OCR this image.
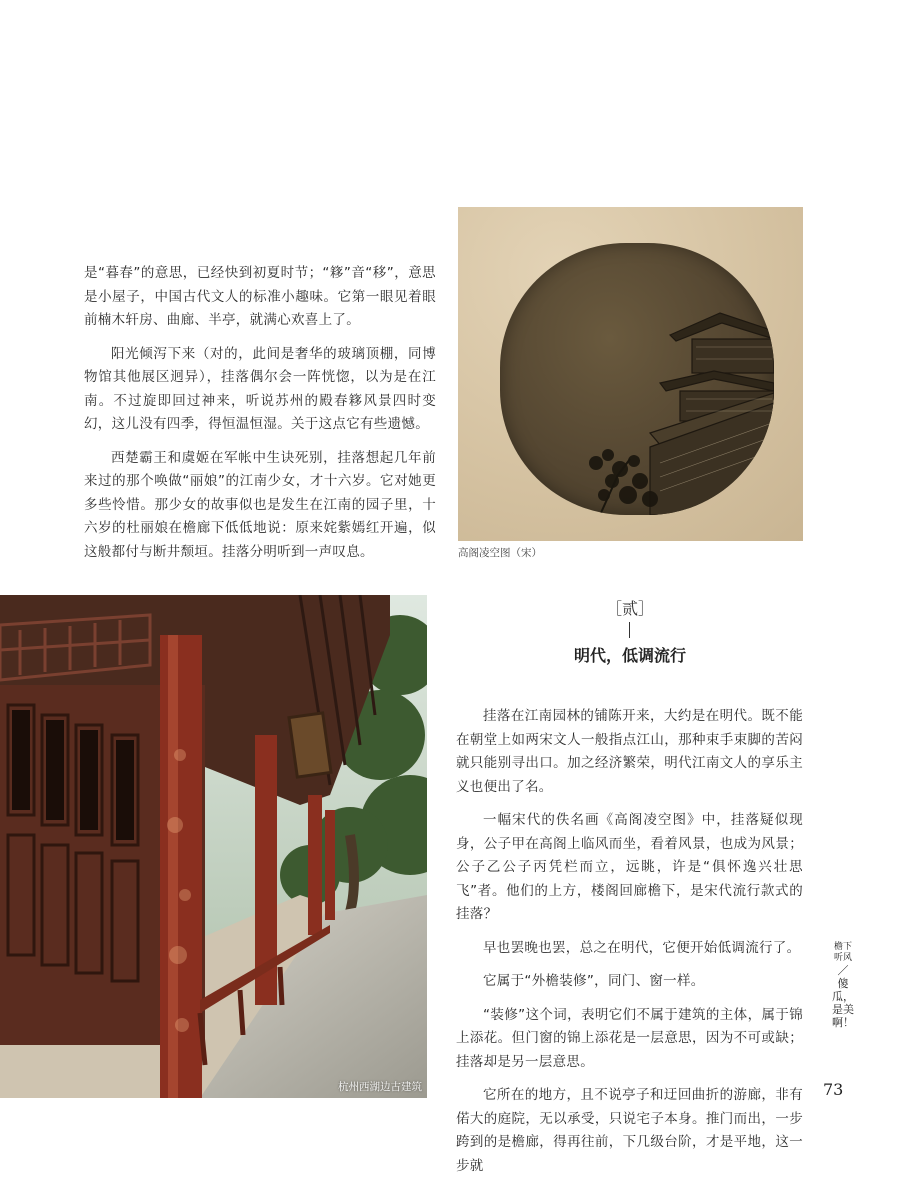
是“暮春”的意思，已经快到初夏时节；“簃”音“移”，意思是小屋子，中国古代文人的标准小趣味。它第一眼见着眼前楠木轩房、曲廊、半亭，就满心欢喜上了。

阳光倾泻下来（对的，此间是奢华的玻璃顶棚，同博物馆其他展区迥异），挂落偶尔会一阵恍惚，以为是在江南。不过旋即回过神来，听说苏州的殿春簃风景四时变幻，这儿没有四季，得恒温恒湿。关于这点它有些遗憾。

西楚霸王和虞姬在军帐中生诀死别，挂落想起几年前来过的那个唤做“丽娘”的江南少女，才十六岁。它对她更多些怜惜。那少女的故事似也是发生在江南的园子里，十六岁的杜丽娘在檐廊下低低地说：原来姹紫嫣红开遍，似这般都付与断井颓垣。挂落分明听到一声叹息。	高阁凌空图（宋）
杭州西湖边古建筑
［贰］
明代，低调流行

挂落在江南园林的铺陈开来，大约是在明代。既不能在朝堂上如两宋文人一般指点江山，那种束手束脚的苦闷就只能别寻出口。加之经济繁荣，明代江南文人的享乐主义也便出了名。

一幅宋代的佚名画《高阁凌空图》中，挂落疑似现身，公子甲在高阁上临风而坐，看着风景，也成为风景；公子乙公子丙凭栏而立，远眺，许是“俱怀逸兴壮思飞”者。他们的上方，楼阁回廊檐下，是宋代流行款式的挂落？

早也罢晚也罢，总之在明代，它便开始低调流行了。

它属于“外檐装修”，同门、窗一样。

“装修”这个词，表明它们不属于建筑的主体，属于锦上添花。但门窗的锦上添花是一层意思，因为不可或缺；挂落却是另一层意思。

它所在的地方，且不说亭子和迂回曲折的游廊，非有偌大的庭院，无以承受，只说宅子本身。推门而出，一步跨到的是檐廊，得再往前，下几级台阶，才是平地，这一步就

檐下听风
／
傻瓜，是美啊！
73
